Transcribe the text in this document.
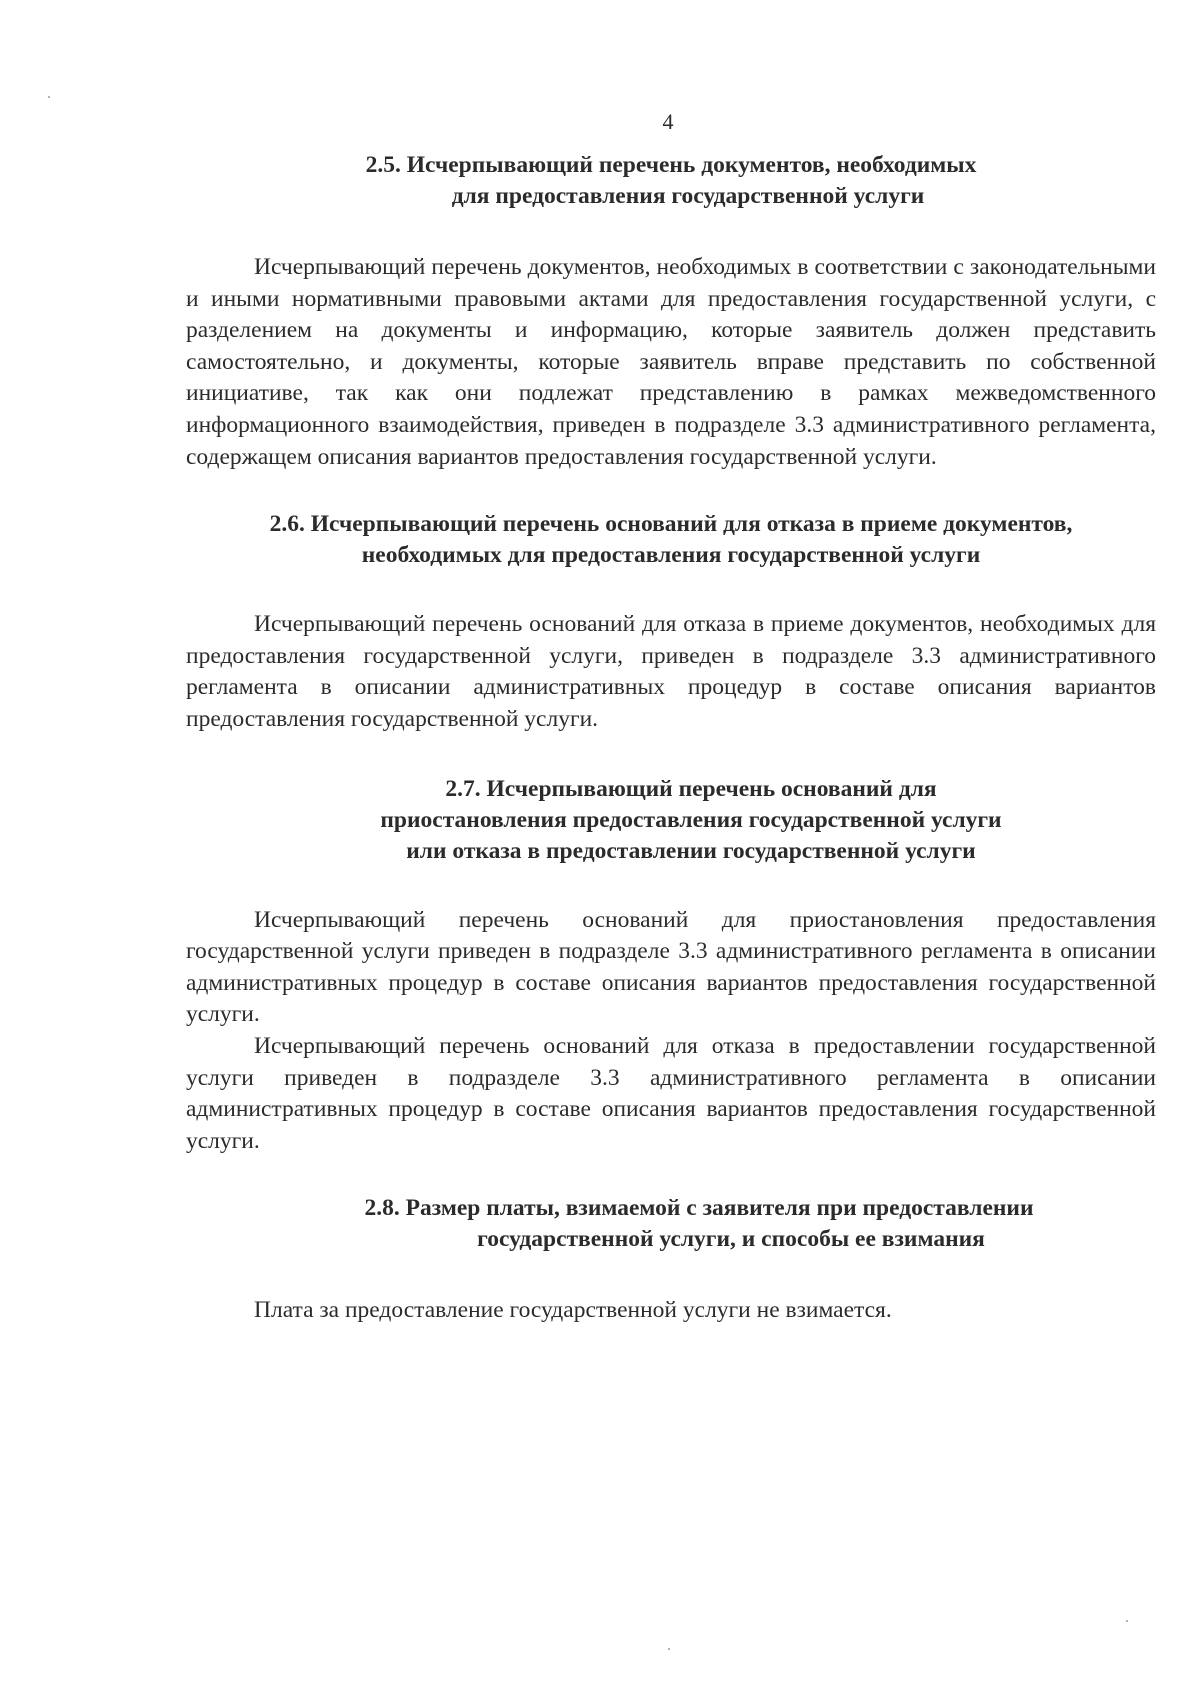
4
2.5. Исчерпывающий перечень документов, необходимых
для предоставления государственной услуги

Исчерпывающий перечень документов, необходимых в соответствии с законодательными и иными нормативными правовыми актами для предоставления государственной услуги, с разделением на документы и информацию, которые заявитель должен представить самостоятельно, и документы, которые заявитель вправе представить по собственной инициативе, так как они подлежат представлению в рамках межведомственного информационного взаимодействия, приведен в подразделе 3.3 административного регламента, содержащем описания вариантов предоставления государственной услуги.

2.6. Исчерпывающий перечень оснований для отказа в приеме документов,
необходимых для предоставления государственной услуги

Исчерпывающий перечень оснований для отказа в приеме документов, необходимых для предоставления государственной услуги, приведен в подразделе 3.3 административного регламента в описании административных процедур в составе описания вариантов предоставления государственной услуги.

2.7. Исчерпывающий перечень оснований для
приостановления предоставления государственной услуги
или отказа в предоставлении государственной услуги

Исчерпывающий перечень оснований для приостановления предоставления государственной услуги приведен в подразделе 3.3 административного регламента в описании административных процедур в составе описания вариантов предоставления государственной услуги.

Исчерпывающий перечень оснований для отказа в предоставлении государственной услуги приведен в подразделе 3.3 административного регламента в описании административных процедур в составе описания вариантов предоставления государственной услуги.

2.8. Размер платы, взимаемой с заявителя при предоставлении
государственной услуги, и способы ее взимания

Плата за предоставление государственной услуги не взимается.
